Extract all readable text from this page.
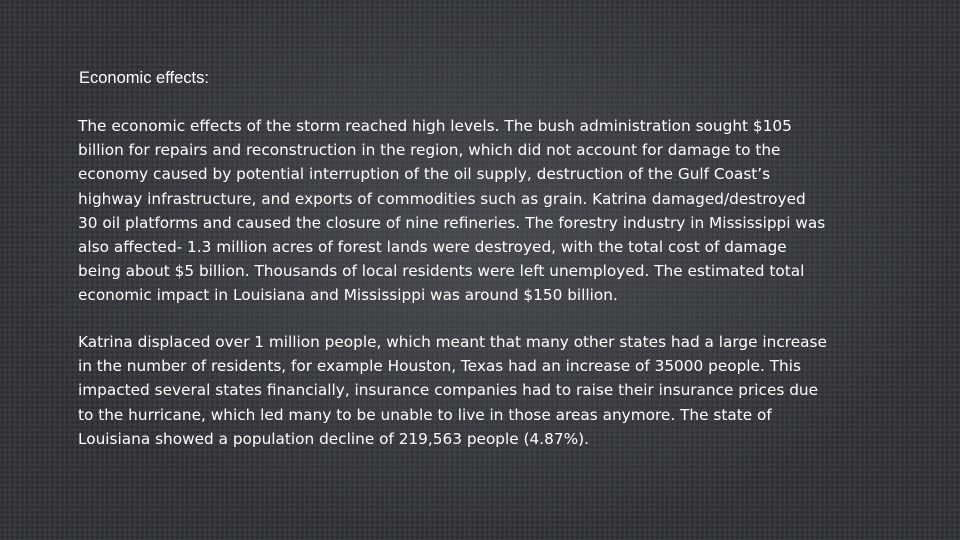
Economic effects:

The economic effects of the storm reached high levels. The bush administration sought $105
billion for repairs and reconstruction in the region, which did not account for damage to the
economy caused by potential interruption of the oil supply, destruction of the Gulf Coast’s
highway infrastructure, and exports of commodities such as grain. Katrina damaged/destroyed
30 oil platforms and caused the closure of nine refineries. The forestry industry in Mississippi was
also affected- 1.3 million acres of forest lands were destroyed, with the total cost of damage
being about $5 billion. Thousands of local residents were left unemployed. The estimated total
economic impact in Louisiana and Mississippi was around $150 billion.

Katrina displaced over 1 million people, which meant that many other states had a large increase
in the number of residents, for example Houston, Texas had an increase of 35000 people. This
impacted several states financially, insurance companies had to raise their insurance prices due
to the hurricane, which led many to be unable to live in those areas anymore. The state of
Louisiana showed a population decline of 219,563 people (4.87%).
